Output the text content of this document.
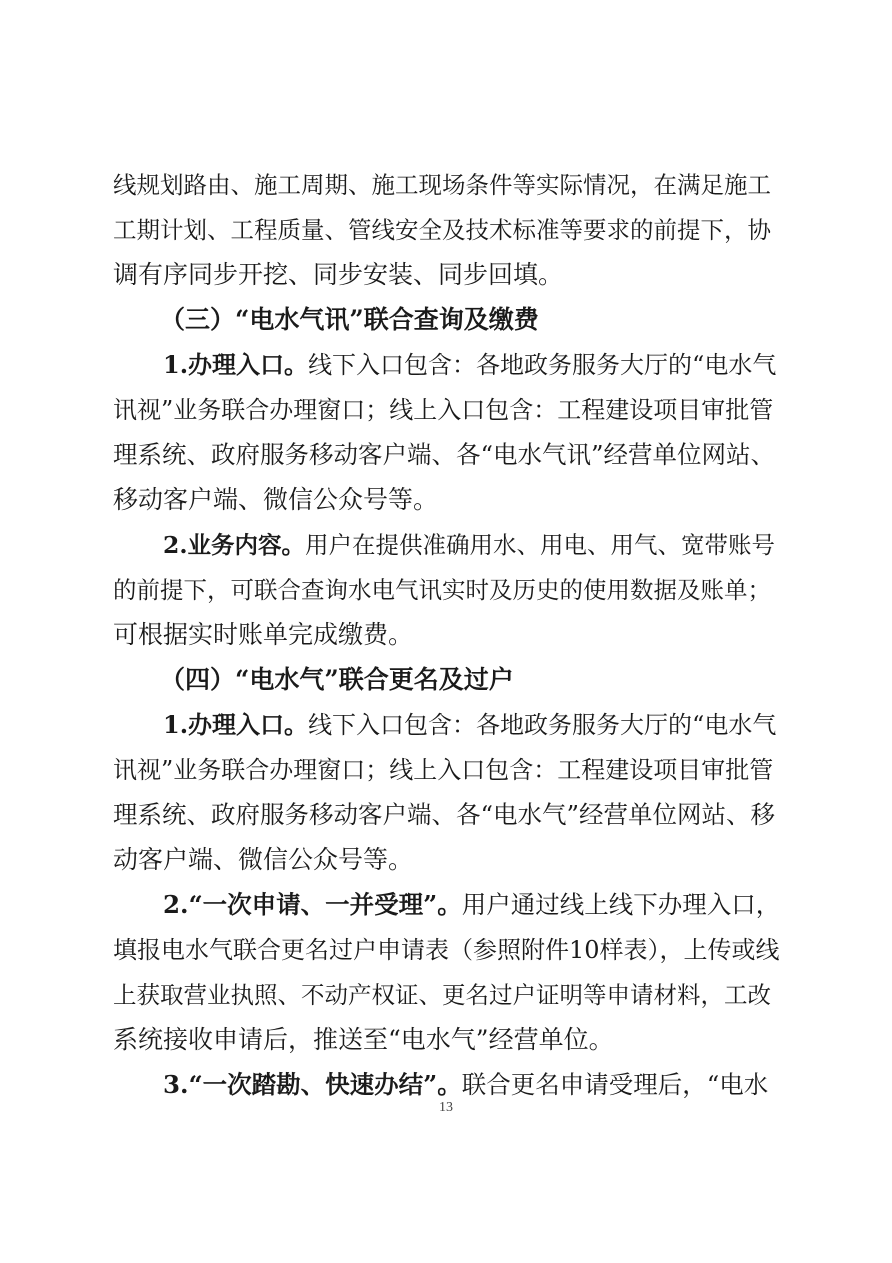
线规划路由、施工周期、施工现场条件等实际情况，在满足施工
工期计划、工程质量、管线安全及技术标准等要求的前提下，协
调有序同步开挖、同步安装、同步回填。
（三）“电水气讯”联合查询及缴费
1.办理入口。线下入口包含：各地政务服务大厅的“电水气
讯视”业务联合办理窗口；线上入口包含：工程建设项目审批管
理系统、政府服务移动客户端、各“电水气讯”经营单位网站、
移动客户端、微信公众号等。
2.业务内容。用户在提供准确用水、用电、用气、宽带账号
的前提下，可联合查询水电气讯实时及历史的使用数据及账单；
可根据实时账单完成缴费。
（四）“电水气”联合更名及过户
1.办理入口。线下入口包含：各地政务服务大厅的“电水气
讯视”业务联合办理窗口；线上入口包含：工程建设项目审批管
理系统、政府服务移动客户端、各“电水气”经营单位网站、移
动客户端、微信公众号等。
2.“一次申请、一并受理”。用户通过线上线下办理入口，
填报电水气联合更名过户申请表（参照附件10样表），上传或线
上获取营业执照、不动产权证、更名过户证明等申请材料，工改
系统接收申请后，推送至“电水气”经营单位。
3.“一次踏勘、快速办结”。联合更名申请受理后，“电水
13
